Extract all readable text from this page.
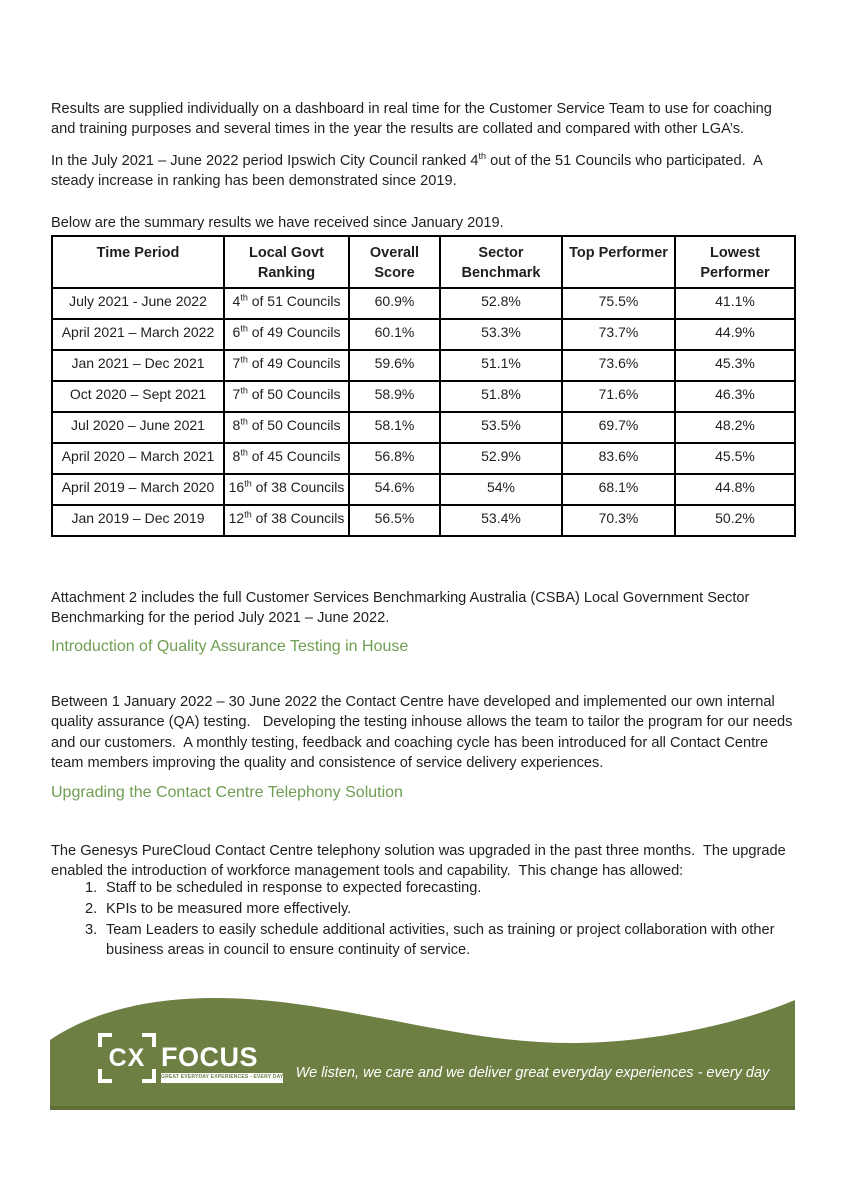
Results are supplied individually on a dashboard in real time for the Customer Service Team to use for coaching and training purposes and several times in the year the results are collated and compared with other LGA’s.

In the July 2021 – June 2022 period Ipswich City Council ranked 4th out of the 51 Councils who participated.  A steady increase in ranking has been demonstrated since 2019.

Below are the summary results we have received since January 2019.

Time Period	Local Govt Ranking	Overall Score	Sector Benchmark	Top Performer	Lowest Performer
July 2021 - June 2022	4th of 51 Councils	60.9%	52.8%	75.5%	41.1%
April 2021 – March 2022	6th of 49 Councils	60.1%	53.3%	73.7%	44.9%
Jan 2021 – Dec 2021	7th of 49 Councils	59.6%	51.1%	73.6%	45.3%
Oct 2020 – Sept 2021	7th of 50 Councils	58.9%	51.8%	71.6%	46.3%
Jul 2020 – June 2021	8th of 50 Councils	58.1%	53.5%	69.7%	48.2%
April 2020 – March 2021	8th of 45 Councils	56.8%	52.9%	83.6%	45.5%
April 2019 – March 2020	16th of 38 Councils	54.6%	54%	68.1%	44.8%
Jan 2019 – Dec 2019	12th of 38 Councils	56.5%	53.4%	70.3%	50.2%

Attachment 2 includes the full Customer Services Benchmarking Australia (CSBA) Local Government Sector Benchmarking for the period July 2021 – June 2022.

Introduction of Quality Assurance Testing in House

Between 1 January 2022 – 30 June 2022 the Contact Centre have developed and implemented our own internal quality assurance (QA) testing.   Developing the testing inhouse allows the team to tailor the program for our needs and our customers.  A monthly testing, feedback and coaching cycle has been introduced for all Contact Centre team members improving the quality and consistence of service delivery experiences.

Upgrading the Contact Centre Telephony Solution

The Genesys PureCloud Contact Centre telephony solution was upgraded in the past three months.  The upgrade enabled the introduction of workforce management tools and capability.  This change has allowed:

1. Staff to be scheduled in response to expected forecasting.
2. KPIs to be measured more effectively.
3. Team Leaders to easily schedule additional activities, such as training or project collaboration with other business areas in council to ensure continuity of service.
CX FOCUS
GREAT EVERYDAY EXPERIENCES - EVERY DAY We listen, we care and we deliver great everyday experiences - every day
